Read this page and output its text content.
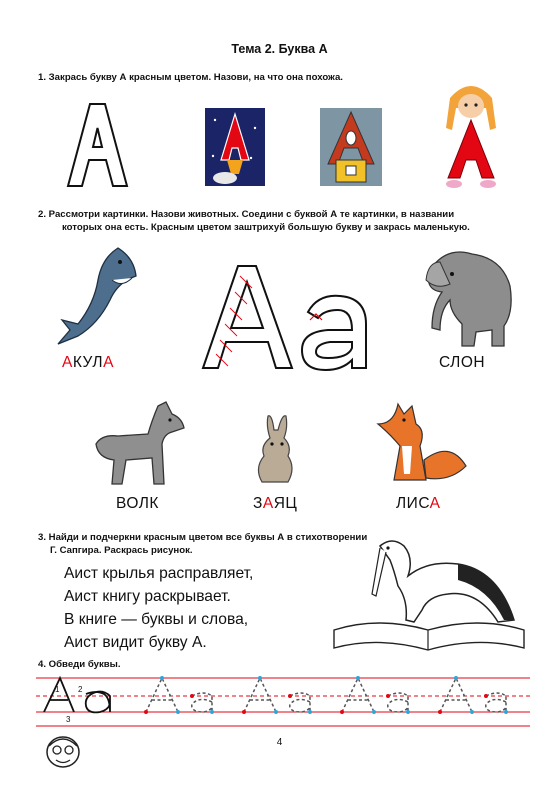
Тема 2. Буква А
1. Закрась букву А красным цветом. Назови, на что она похожа.
2. Рассмотри картинки. Назови животных. Соедини с буквой А те картинки, в названии
которых она есть. Красным цветом заштрихуй большую букву и закрась маленькую.
АКУЛА	СЛОН
ВОЛК	ЗАЯЦ	ЛИСА
3. Найди и подчеркни красным цветом все буквы А в стихотворении
Г. Сапгира. Раскрась рисунок.
Аист крылья расправляет,
Аист книгу раскрывает.
В книге — буквы и слова,
Аист видит букву А.
4. Обведи буквы.
1 2
3
4
